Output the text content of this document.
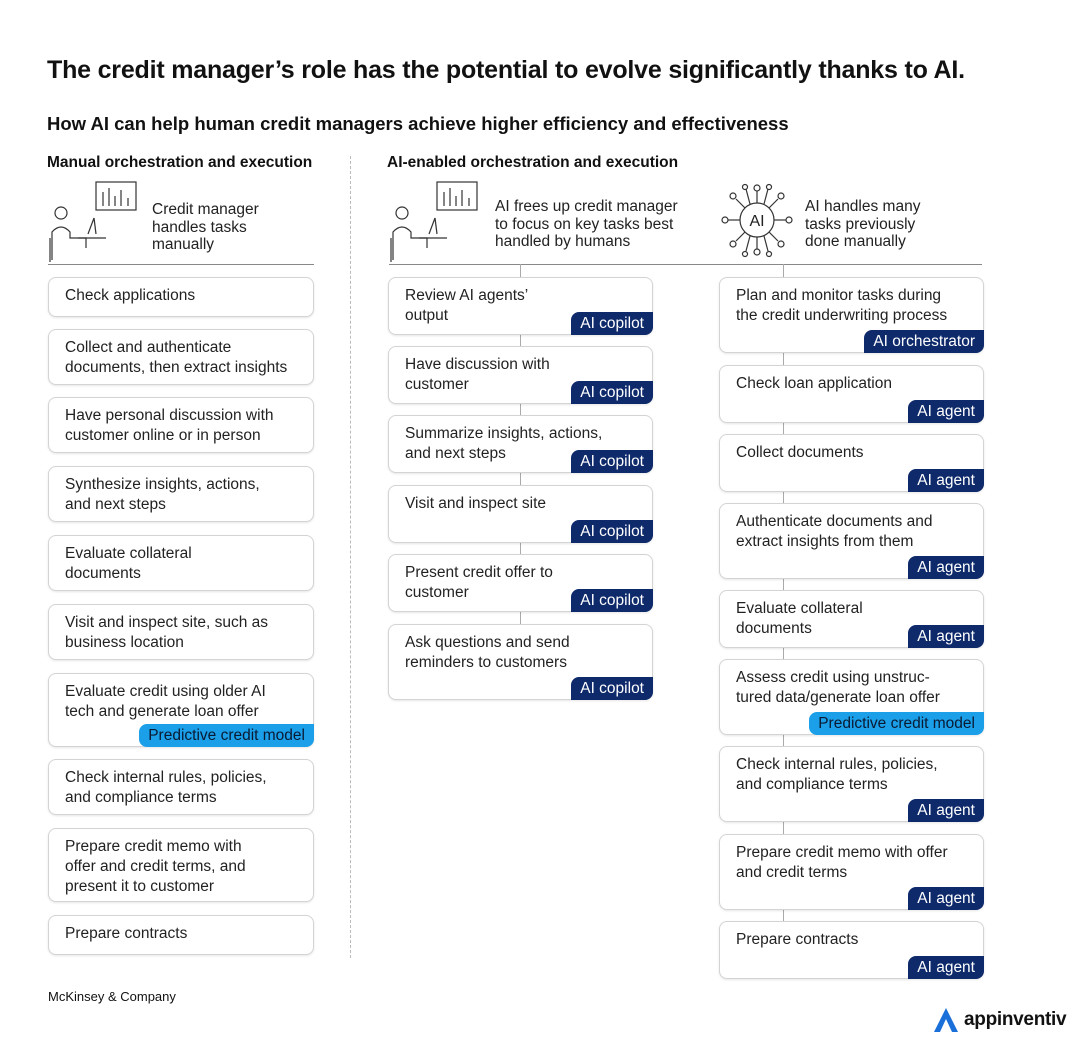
The credit manager’s role has the potential to evolve significantly thanks to AI.
How AI can help human credit managers achieve higher efficiency and effectiveness
Manual orchestration and execution	AI-enabled orchestration and execution
Credit manager
handles tasks
manually
AI frees up credit manager
to focus on key tasks best
handled by humans
AI
AI handles many
tasks previously
done manually
Check applications
Collect and authenticate
documents, then extract insights
Have personal discussion with
customer online or in person
Synthesize insights, actions,
and next steps
Evaluate collateral
documents
Visit and inspect site, such as
business location
Evaluate credit using older AI
tech and generate loan offer
Predictive credit model
Check internal rules, policies,
and compliance terms
Prepare credit memo with
offer and credit terms, and
present it to customer
Prepare contracts
Review AI agents’
output	AI copilot
Have discussion with
customer	AI copilot
Summarize insights, actions,
and next steps	AI copilot
Visit and inspect site
AI copilot
Present credit offer to
customer	AI copilot
Ask questions and send
reminders to customers
AI copilot
Plan and monitor tasks during
the credit underwriting process
AI orchestrator
Check loan application
AI agent
Collect documents
AI agent
Authenticate documents and
extract insights from them
AI agent
Evaluate collateral
documents	AI agent
Assess credit using unstruc-
tured data/generate loan offer
Predictive credit model
Check internal rules, policies,
and compliance terms
AI agent
Prepare credit memo with offer
and credit terms
AI agent
Prepare contracts
AI agent
McKinsey & Company
appinventiv
